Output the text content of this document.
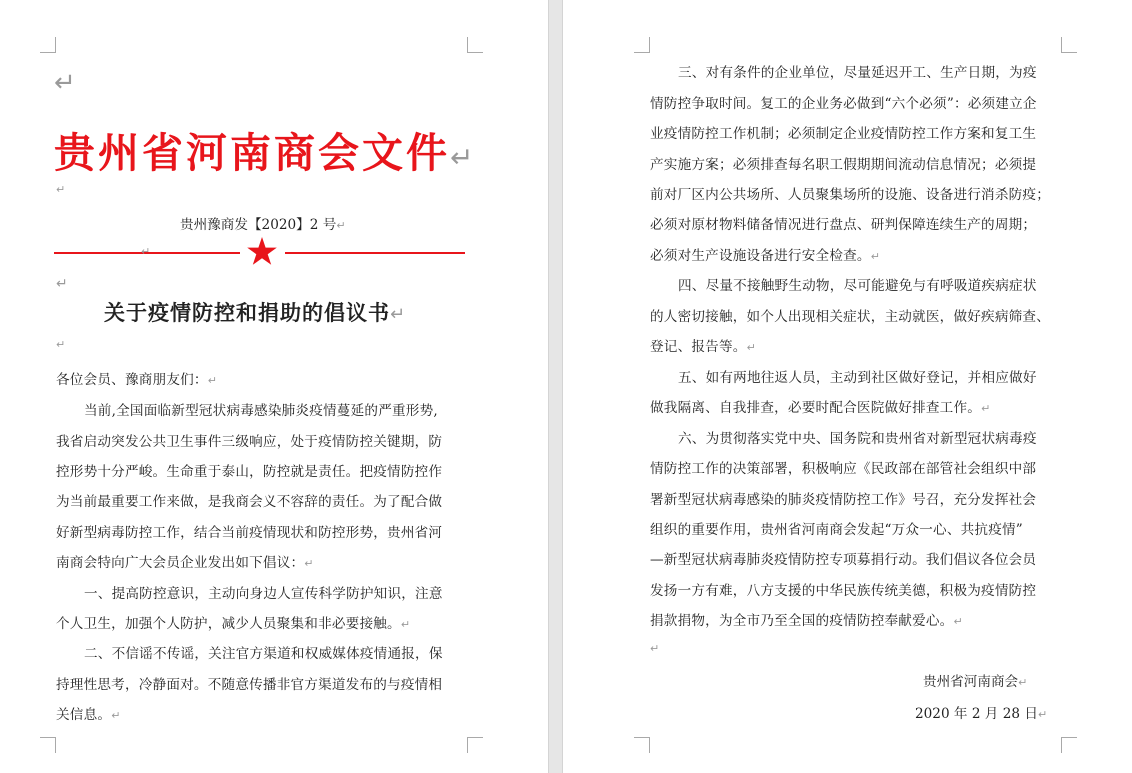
↵
贵州省河南商会文件↵
↵
贵州豫商发【2020】2 号↵
↵
↵
关于疫情防控和捐助的倡议书↵
↵
各位会员、豫商朋友们：↵
当前,全国面临新型冠状病毒感染肺炎疫情蔓延的严重形势,
我省启动突发公共卫生事件三级响应，处于疫情防控关键期，防
控形势十分严峻。生命重于泰山，防控就是责任。把疫情防控作
为当前最重要工作来做，是我商会义不容辞的责任。为了配合做
好新型病毒防控工作，结合当前疫情现状和防控形势，贵州省河
南商会特向广大会员企业发出如下倡议：↵
一、提高防控意识，主动向身边人宣传科学防护知识，注意
个人卫生，加强个人防护，减少人员聚集和非必要接触。↵
二、不信谣不传谣，关注官方渠道和权威媒体疫情通报，保
持理性思考，冷静面对。不随意传播非官方渠道发布的与疫情相
关信息。↵
三、对有条件的企业单位，尽量延迟开工、生产日期，为疫
情防控争取时间。复工的企业务必做到“六个必须”：必须建立企
业疫情防控工作机制；必须制定企业疫情防控工作方案和复工生
产实施方案；必须排查每名职工假期期间流动信息情况；必须提
前对厂区内公共场所、人员聚集场所的设施、设备进行消杀防疫；
必须对原材物料储备情况进行盘点、研判保障连续生产的周期；
必须对生产设施设备进行安全检查。↵
四、尽量不接触野生动物，尽可能避免与有呼吸道疾病症状
的人密切接触，如个人出现相关症状，主动就医，做好疾病筛查、
登记、报告等。↵
五、如有两地往返人员，主动到社区做好登记，并相应做好
做我隔离、自我排查，必要时配合医院做好排查工作。↵
六、为贯彻落实党中央、国务院和贵州省对新型冠状病毒疫
情防控工作的决策部署，积极响应《民政部在部管社会组织中部
署新型冠状病毒感染的肺炎疫情防控工作》号召，充分发挥社会
组织的重要作用，贵州省河南商会发起“万众一心、共抗疫情”
—新型冠状病毒肺炎疫情防控专项募捐行动。我们倡议各位会员
发扬一方有难，八方支援的中华民族传统美德，积极为疫情防控
捐款捐物，为全市乃至全国的疫情防控奉献爱心。↵
↵
贵州省河南商会↵
2020 年 2 月 28 日↵
